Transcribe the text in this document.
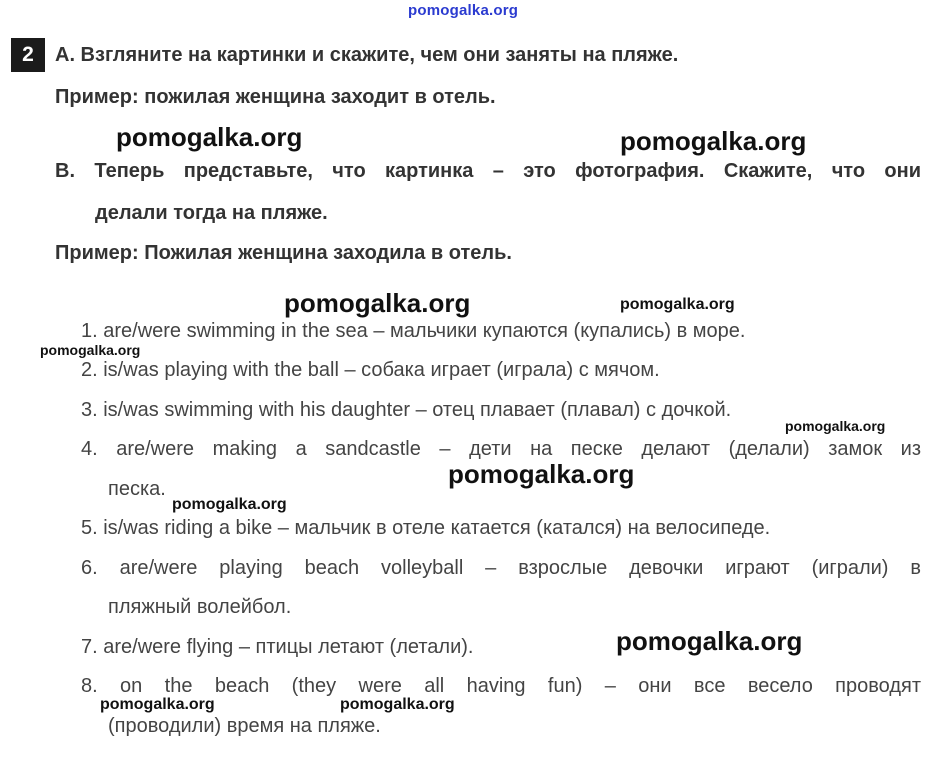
pomogalka.org
2	А. Взгляните на картинки и скажите, чем они заняты на пляже.
Пример: пожилая женщина заходит в отель.
pomogalka.org	pomogalka.org
В. Теперь представьте, что картинка – это фотография. Скажите, что они
делали тогда на пляже.
Пример: Пожилая женщина заходила в отель.
1. are/were swimming in the sea – мальчики купаются (купались) в море.
2. is/was playing with the ball – собака играет (играла) с мячом.
3. is/was swimming with his daughter – отец плавает (плавал) с дочкой.
4. are/were making a sandcastle – дети на песке делают (делали) замок из
песка.
5. is/was riding a bike – мальчик в отеле катается (катался) на велосипеде.
6. are/were playing beach volleyball – взрослые девочки играют (играли) в
пляжный волейбол.
7. are/were flying – птицы летают (летали).
8. on the beach (they were all having fun) – они все весело проводят
(проводили) время на пляже.
pomogalka.org	pomogalka.org
pomogalka.org
pomogalka.org
pomogalka.org
pomogalka.org
pomogalka.org
pomogalka.org	pomogalka.org
